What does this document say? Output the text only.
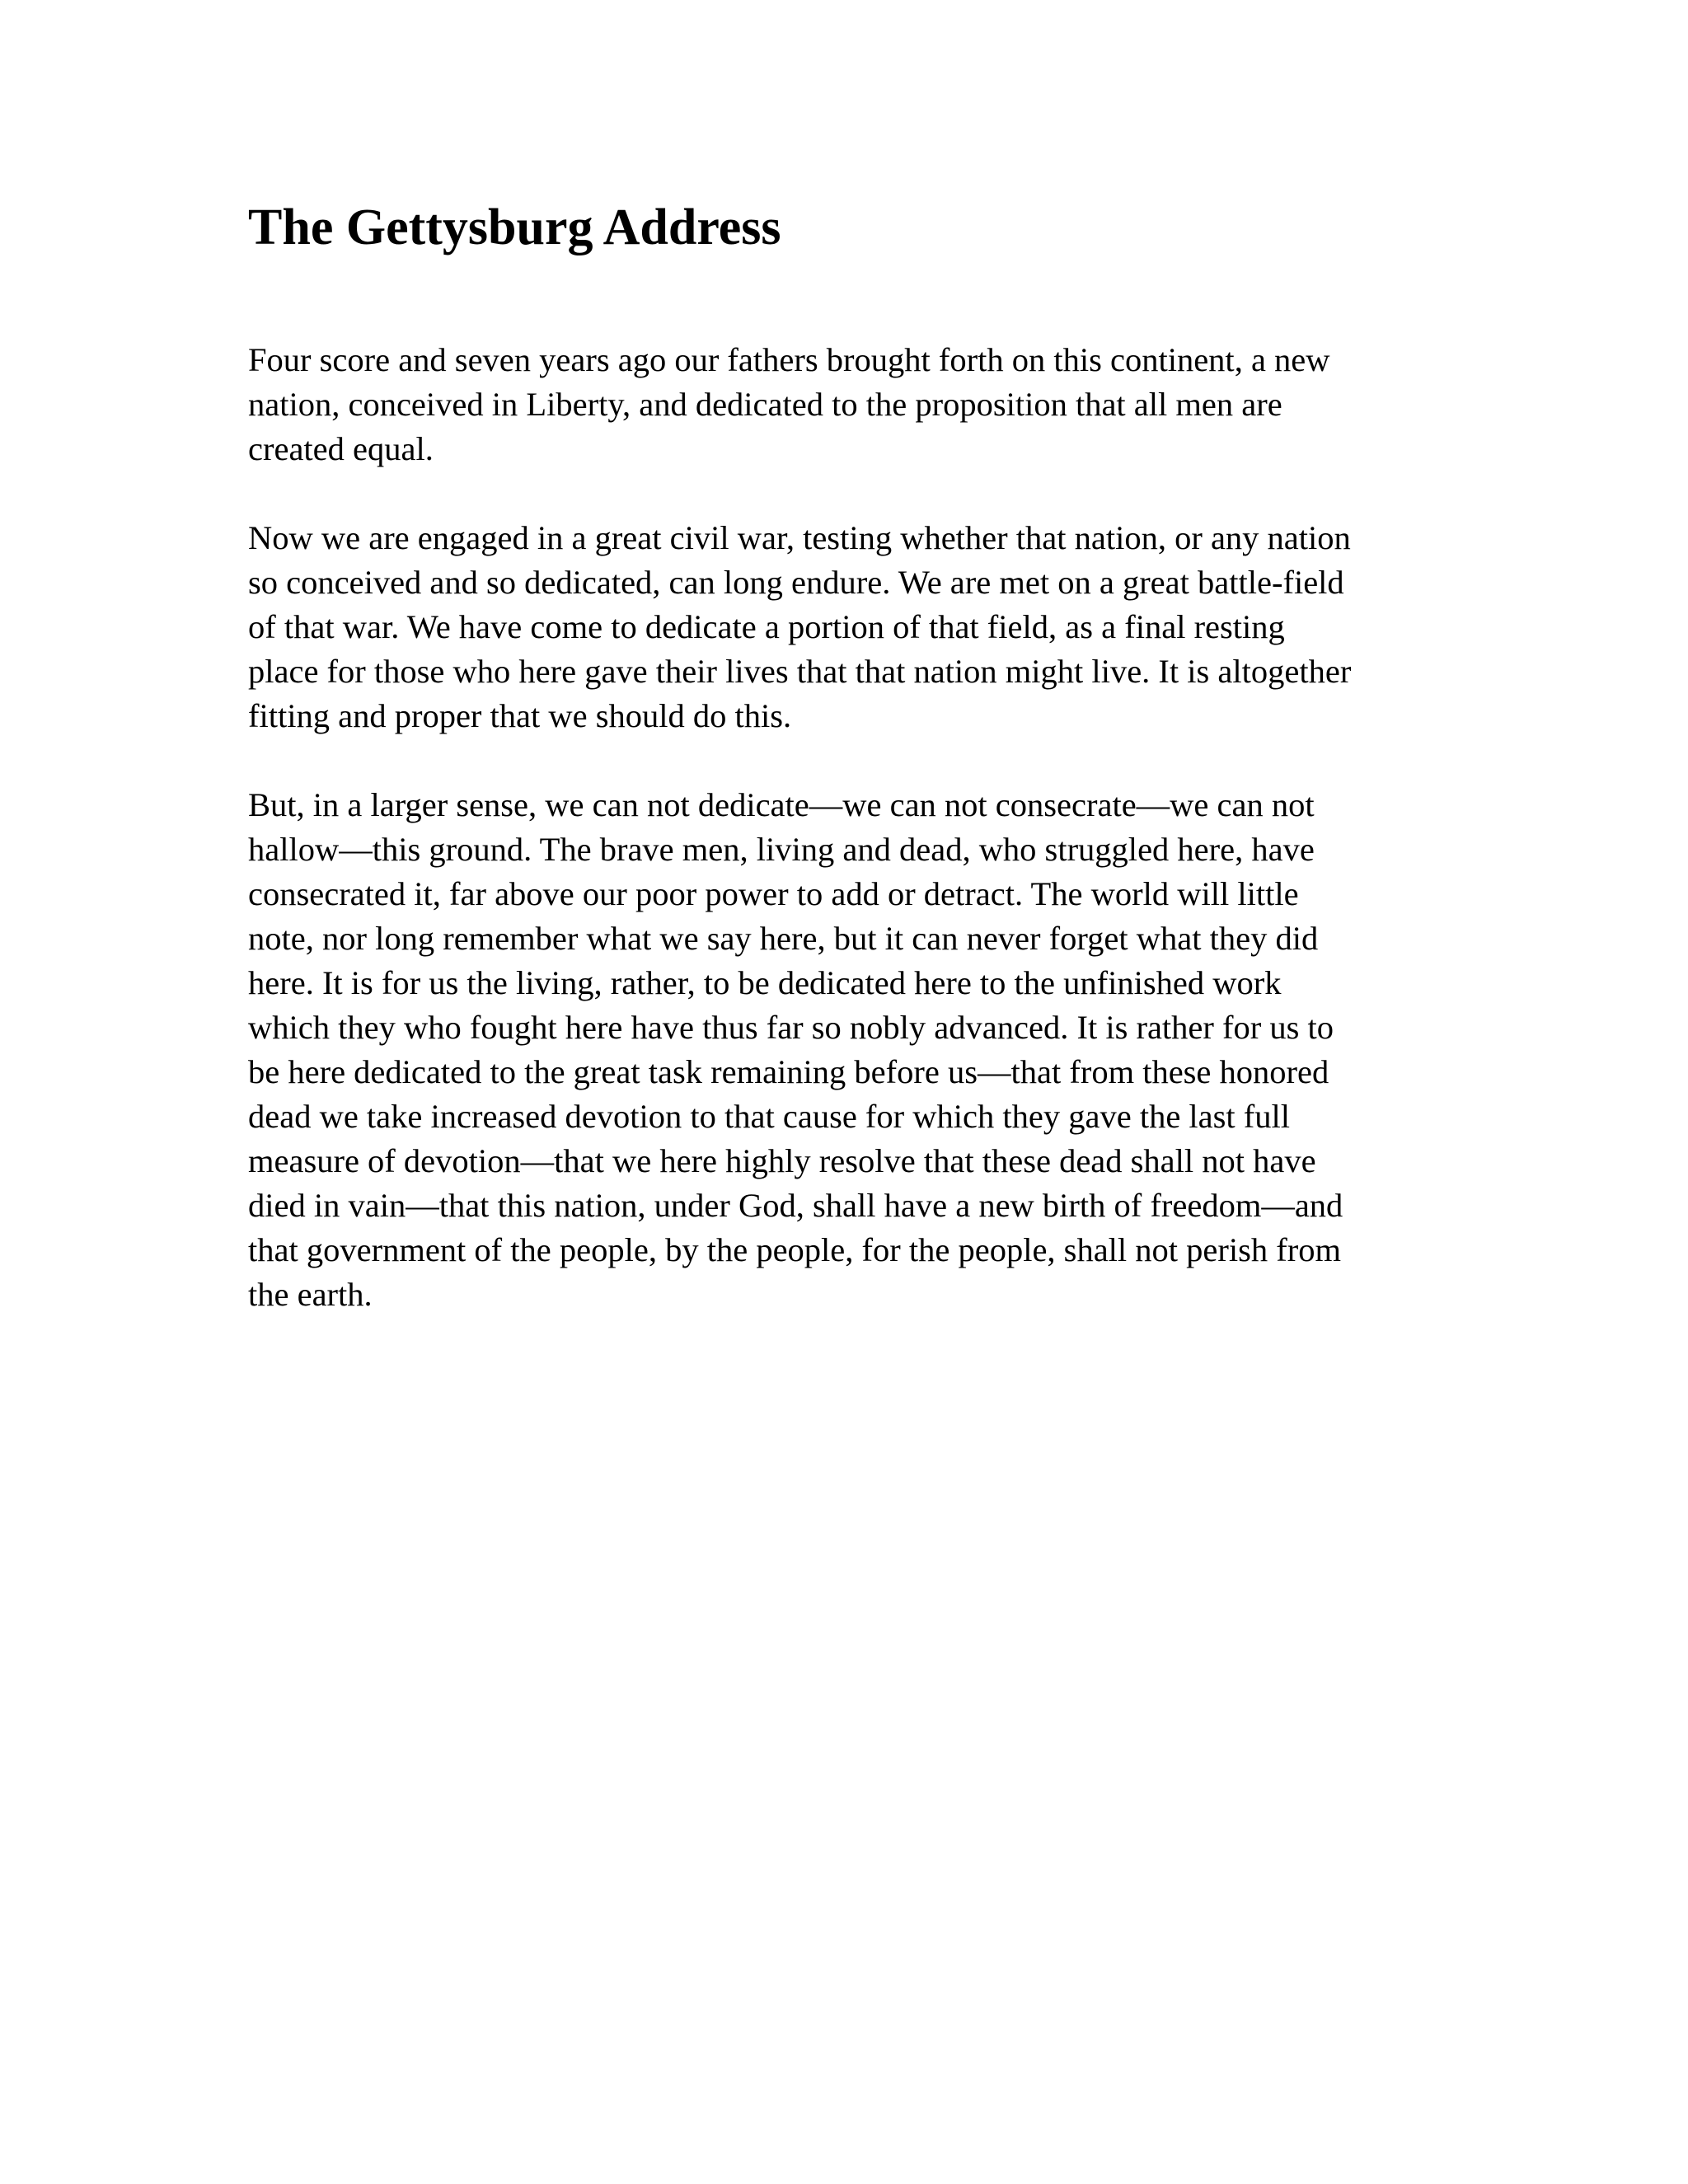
The Gettysburg Address

Four score and seven years ago our fathers brought forth on this continent, a new
nation, conceived in Liberty, and dedicated to the proposition that all men are
created equal.

Now we are engaged in a great civil war, testing whether that nation, or any nation
so conceived and so dedicated, can long endure. We are met on a great battle-field
of that war. We have come to dedicate a portion of that field, as a final resting
place for those who here gave their lives that that nation might live. It is altogether
fitting and proper that we should do this.

But, in a larger sense, we can not dedicate—we can not consecrate—we can not
hallow—this ground. The brave men, living and dead, who struggled here, have
consecrated it, far above our poor power to add or detract. The world will little
note, nor long remember what we say here, but it can never forget what they did
here. It is for us the living, rather, to be dedicated here to the unfinished work
which they who fought here have thus far so nobly advanced. It is rather for us to
be here dedicated to the great task remaining before us—that from these honored
dead we take increased devotion to that cause for which they gave the last full
measure of devotion—that we here highly resolve that these dead shall not have
died in vain—that this nation, under God, shall have a new birth of freedom—and
that government of the people, by the people, for the people, shall not perish from
the earth.
